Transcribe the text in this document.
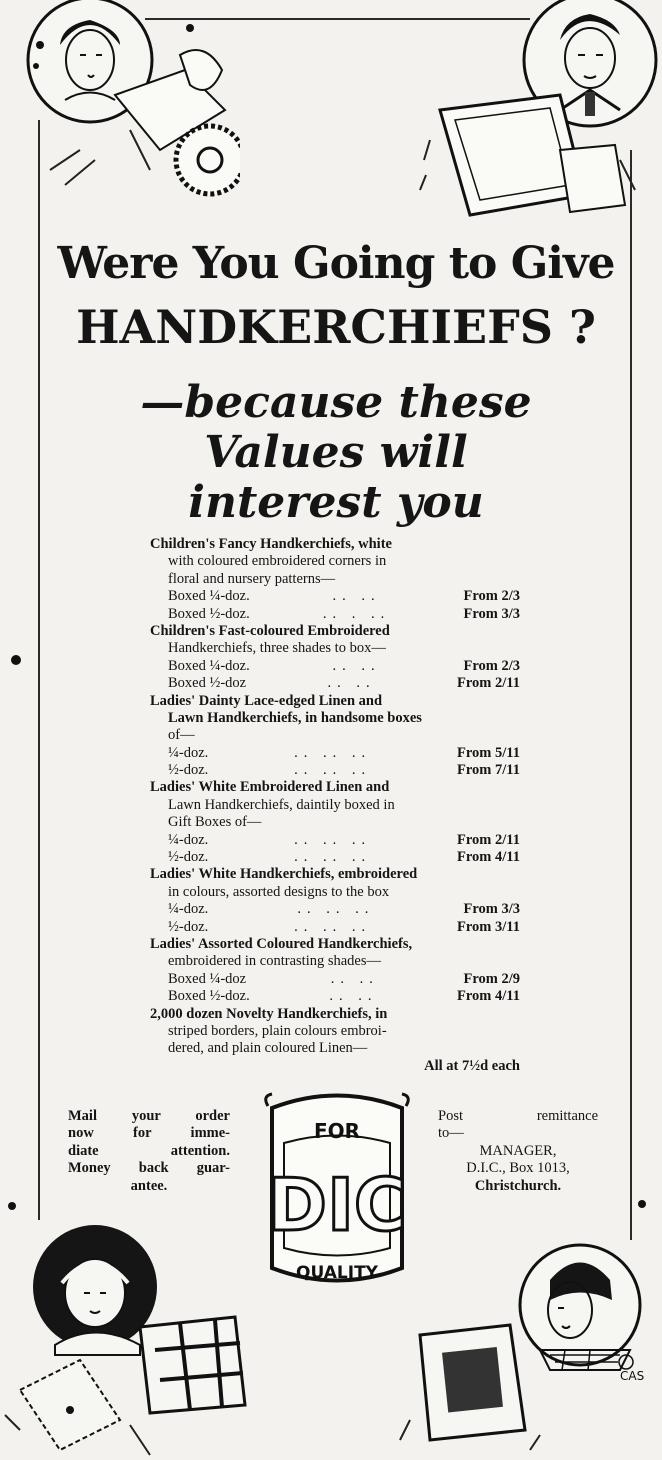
Were You Going to Give
HANDKERCHIEFS ?
—because these
Values will
interest you
Children's Fancy Handkerchiefs, white
with coloured embroidered corners in
floral and nursery patterns—
Boxed ¼-doz.	.. ..	From 2/3
Boxed ½-doz.	.. . ..	From 3/3
Children's Fast-coloured Embroidered
Handkerchiefs, three shades to box—
Boxed ¼-doz.	.. ..	From 2/3
Boxed ½-doz	.. ..	From 2/11
Ladies' Dainty Lace-edged Linen and
Lawn Handkerchiefs, in handsome boxes
of—
¼-doz.	.. .. ..	From 5/11
½-doz.	.. .. ..	From 7/11
Ladies' White Embroidered Linen and
Lawn Handkerchiefs, daintily boxed in
Gift Boxes of—
¼-doz.	.. .. ..	From 2/11
½-doz.	.. .. ..	From 4/11
Ladies' White Handkerchiefs, embroidered
in colours, assorted designs to the box
¼-doz.	.. .. ..	From 3/3
½-doz.	.. .. ..	From 3/11
Ladies' Assorted Coloured Handkerchiefs,
embroidered in contrasting shades—
Boxed ¼-doz	.. ..	From 2/9
Boxed ½-doz.	.. ..	From 4/11
2,000 dozen Novelty Handkerchiefs, in
striped borders, plain colours embroi-
dered, and plain coloured Linen—
All at 7½d each
Mail your order
now for imme-
diate attention.
Money back guar-
antee.
FOR
DIC
QUALITY
Post	remittance
to—
MANAGER,
D.I.C., Box 1013,
Christchurch.
CAS
